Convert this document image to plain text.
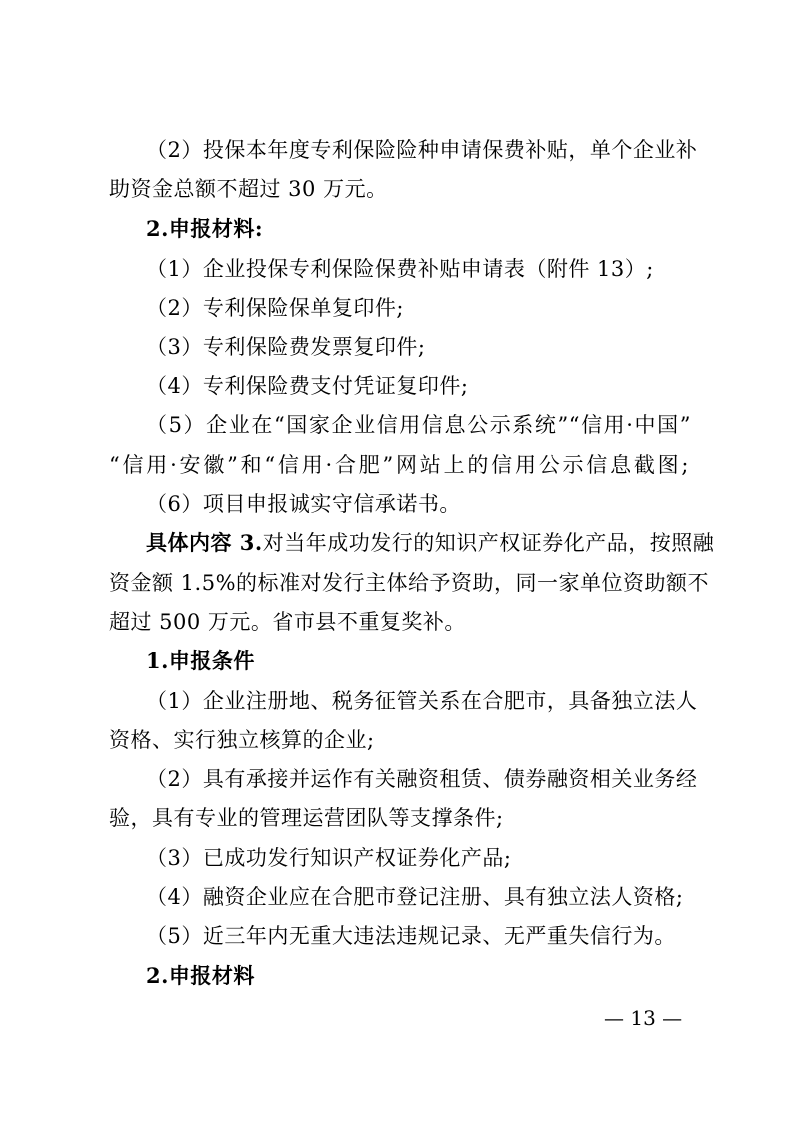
（2）投保本年度专利保险险种申请保费补贴，单个企业补
助资金总额不超过 30 万元。
2.申报材料:
（1）企业投保专利保险保费补贴申请表（附件 13）;
（2）专利保险保单复印件;
（3）专利保险费发票复印件;
（4）专利保险费支付凭证复印件;
（5）企业在“国家企业信用信息公示系统”“信用·中国”
“信用·安徽”和“信用·合肥”网站上的信用公示信息截图;
（6）项目申报诚实守信承诺书。
具体内容 3.对当年成功发行的知识产权证券化产品，按照融
资金额 1.5%的标准对发行主体给予资助，同一家单位资助额不
超过 500 万元。省市县不重复奖补。
1.申报条件
（1）企业注册地、税务征管关系在合肥市，具备独立法人
资格、实行独立核算的企业;
（2）具有承接并运作有关融资租赁、债券融资相关业务经
验，具有专业的管理运营团队等支撑条件;
（3）已成功发行知识产权证券化产品;
（4）融资企业应在合肥市登记注册、具有独立法人资格;
（5）近三年内无重大违法违规记录、无严重失信行为。
2.申报材料
— 13 —
